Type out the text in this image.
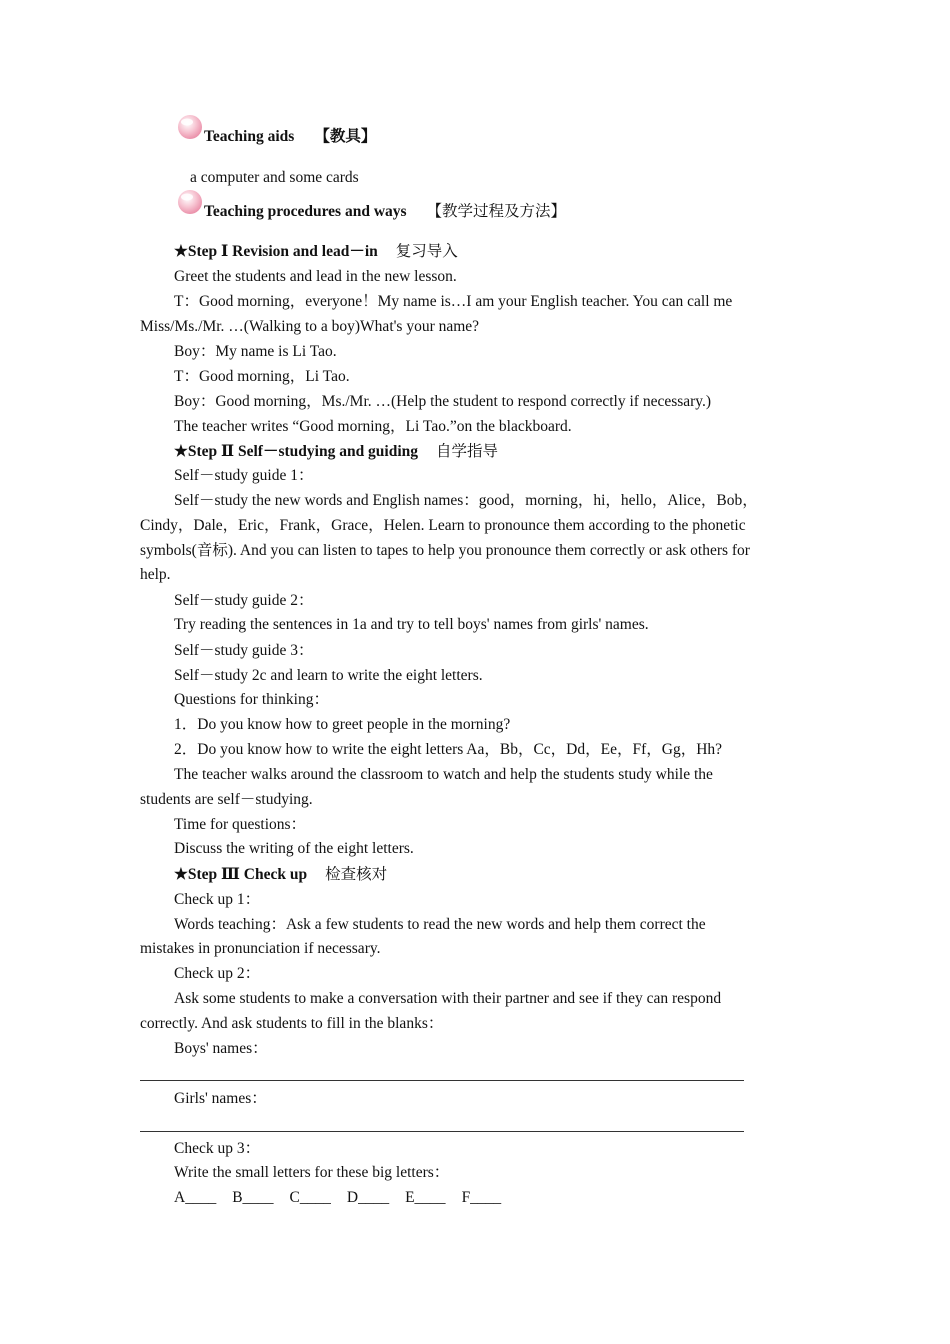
Teaching aids 【教具】
a computer and some cards
Teaching procedures and ways 【教学过程及方法】
★Step Ⅰ Revision and lead－in 复习导入
Greet the students and lead in the new lesson.
T：Good morning，everyone！My name is…I am your English teacher. You can call me
Miss/Ms./Mr. …(Walking to a boy)What's your name?
Boy：My name is Li Tao.
T：Good morning，Li Tao.
Boy：Good morning，Ms./Mr. …(Help the student to respond correctly if necessary.)
The teacher writes “Good morning，Li Tao.”on the blackboard.
★Step Ⅱ Self－studying and guiding 自学指导
Self－study guide 1：
Self－study the new words and English names：good，morning，hi，hello，Alice，Bob，
Cindy，Dale，Eric，Frank，Grace，Helen. Learn to pronounce them according to the phonetic
symbols(音标). And you can listen to tapes to help you pronounce them correctly or ask others for
help.
Self－study guide 2：
Try reading the sentences in 1a and try to tell boys' names from girls' names.
Self－study guide 3：
Self－study 2c and learn to write the eight letters.
Questions for thinking：
1．Do you know how to greet people in the morning?
2．Do you know how to write the eight letters Aa，Bb，Cc，Dd，Ee，Ff，Gg，Hh?
The teacher walks around the classroom to watch and help the students study while the
students are self－studying.
Time for questions：
Discuss the writing of the eight letters.
★Step Ⅲ Check up 检查核对
Check up 1：
Words teaching：Ask a few students to read the new words and help them correct the
mistakes in pronunciation if necessary.
Check up 2：
Ask some students to make a conversation with their partner and see if they can respond
correctly. And ask students to fill in the blanks：
Boys' names：
Girls' names：
Check up 3：
Write the small letters for these big letters：
A____ B____ C____ D____ E____ F____
